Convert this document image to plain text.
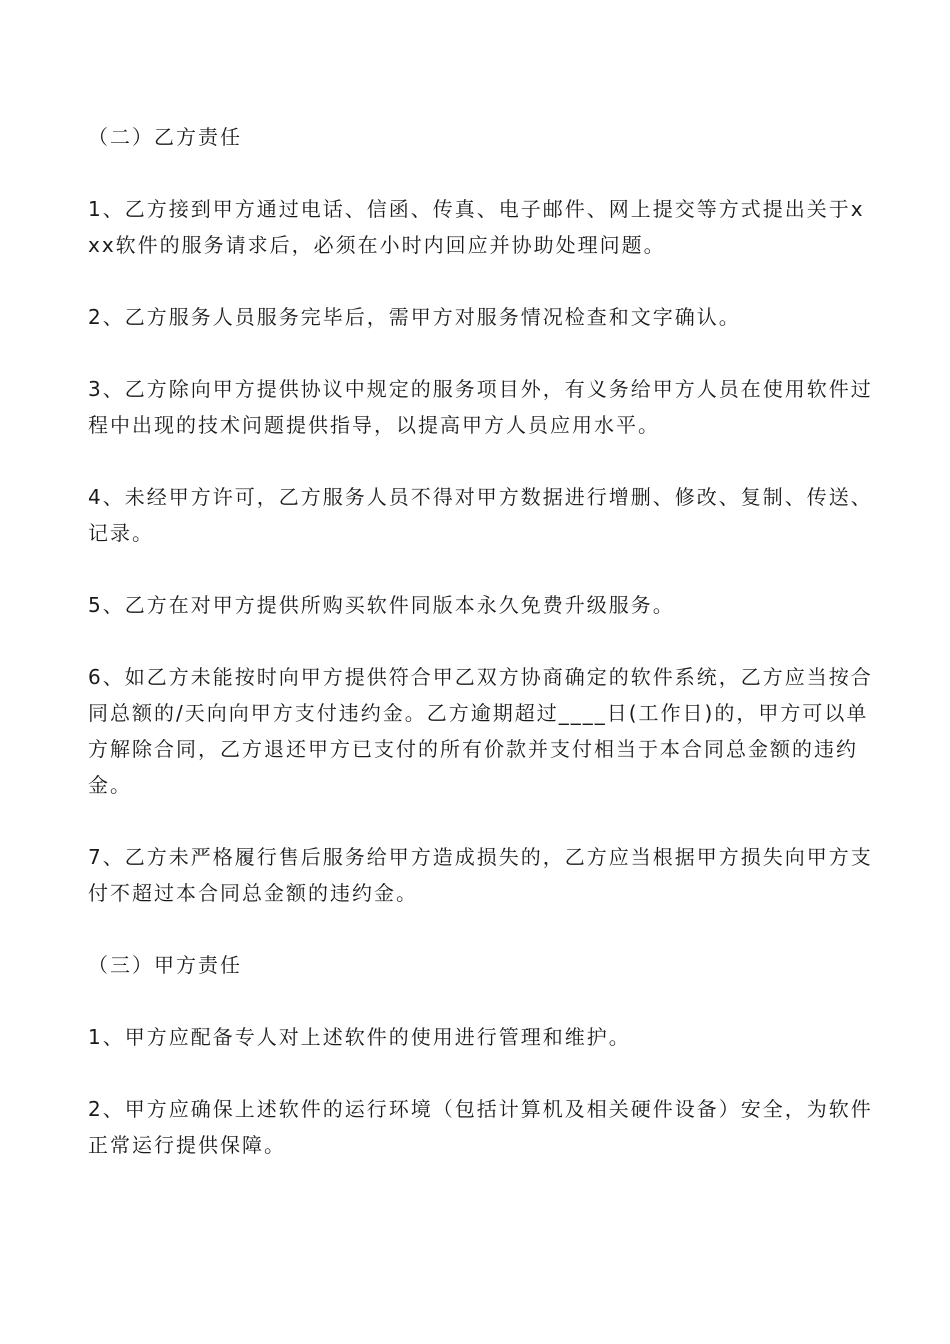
（二）乙方责任

1、乙方接到甲方通过电话、信函、传真、电子邮件、网上提交等方式提出关于xxx软件的服务请求后，必须在小时内回应并协助处理问题。

2、乙方服务人员服务完毕后，需甲方对服务情况检查和文字确认。

3、乙方除向甲方提供协议中规定的服务项目外，有义务给甲方人员在使用软件过程中出现的技术问题提供指导，以提高甲方人员应用水平。

4、未经甲方许可，乙方服务人员不得对甲方数据进行增删、修改、复制、传送、记录。

5、乙方在对甲方提供所购买软件同版本永久免费升级服务。

6、如乙方未能按时向甲方提供符合甲乙双方协商确定的软件系统，乙方应当按合同总额的/天向向甲方支付违约金。乙方逾期超过____日(工作日)的，甲方可以单方解除合同，乙方退还甲方已支付的所有价款并支付相当于本合同总金额的违约金。

7、乙方未严格履行售后服务给甲方造成损失的，乙方应当根据甲方损失向甲方支付不超过本合同总金额的违约金。

（三）甲方责任

1、甲方应配备专人对上述软件的使用进行管理和维护。

2、甲方应确保上述软件的运行环境（包括计算机及相关硬件设备）安全，为软件正常运行提供保障。
